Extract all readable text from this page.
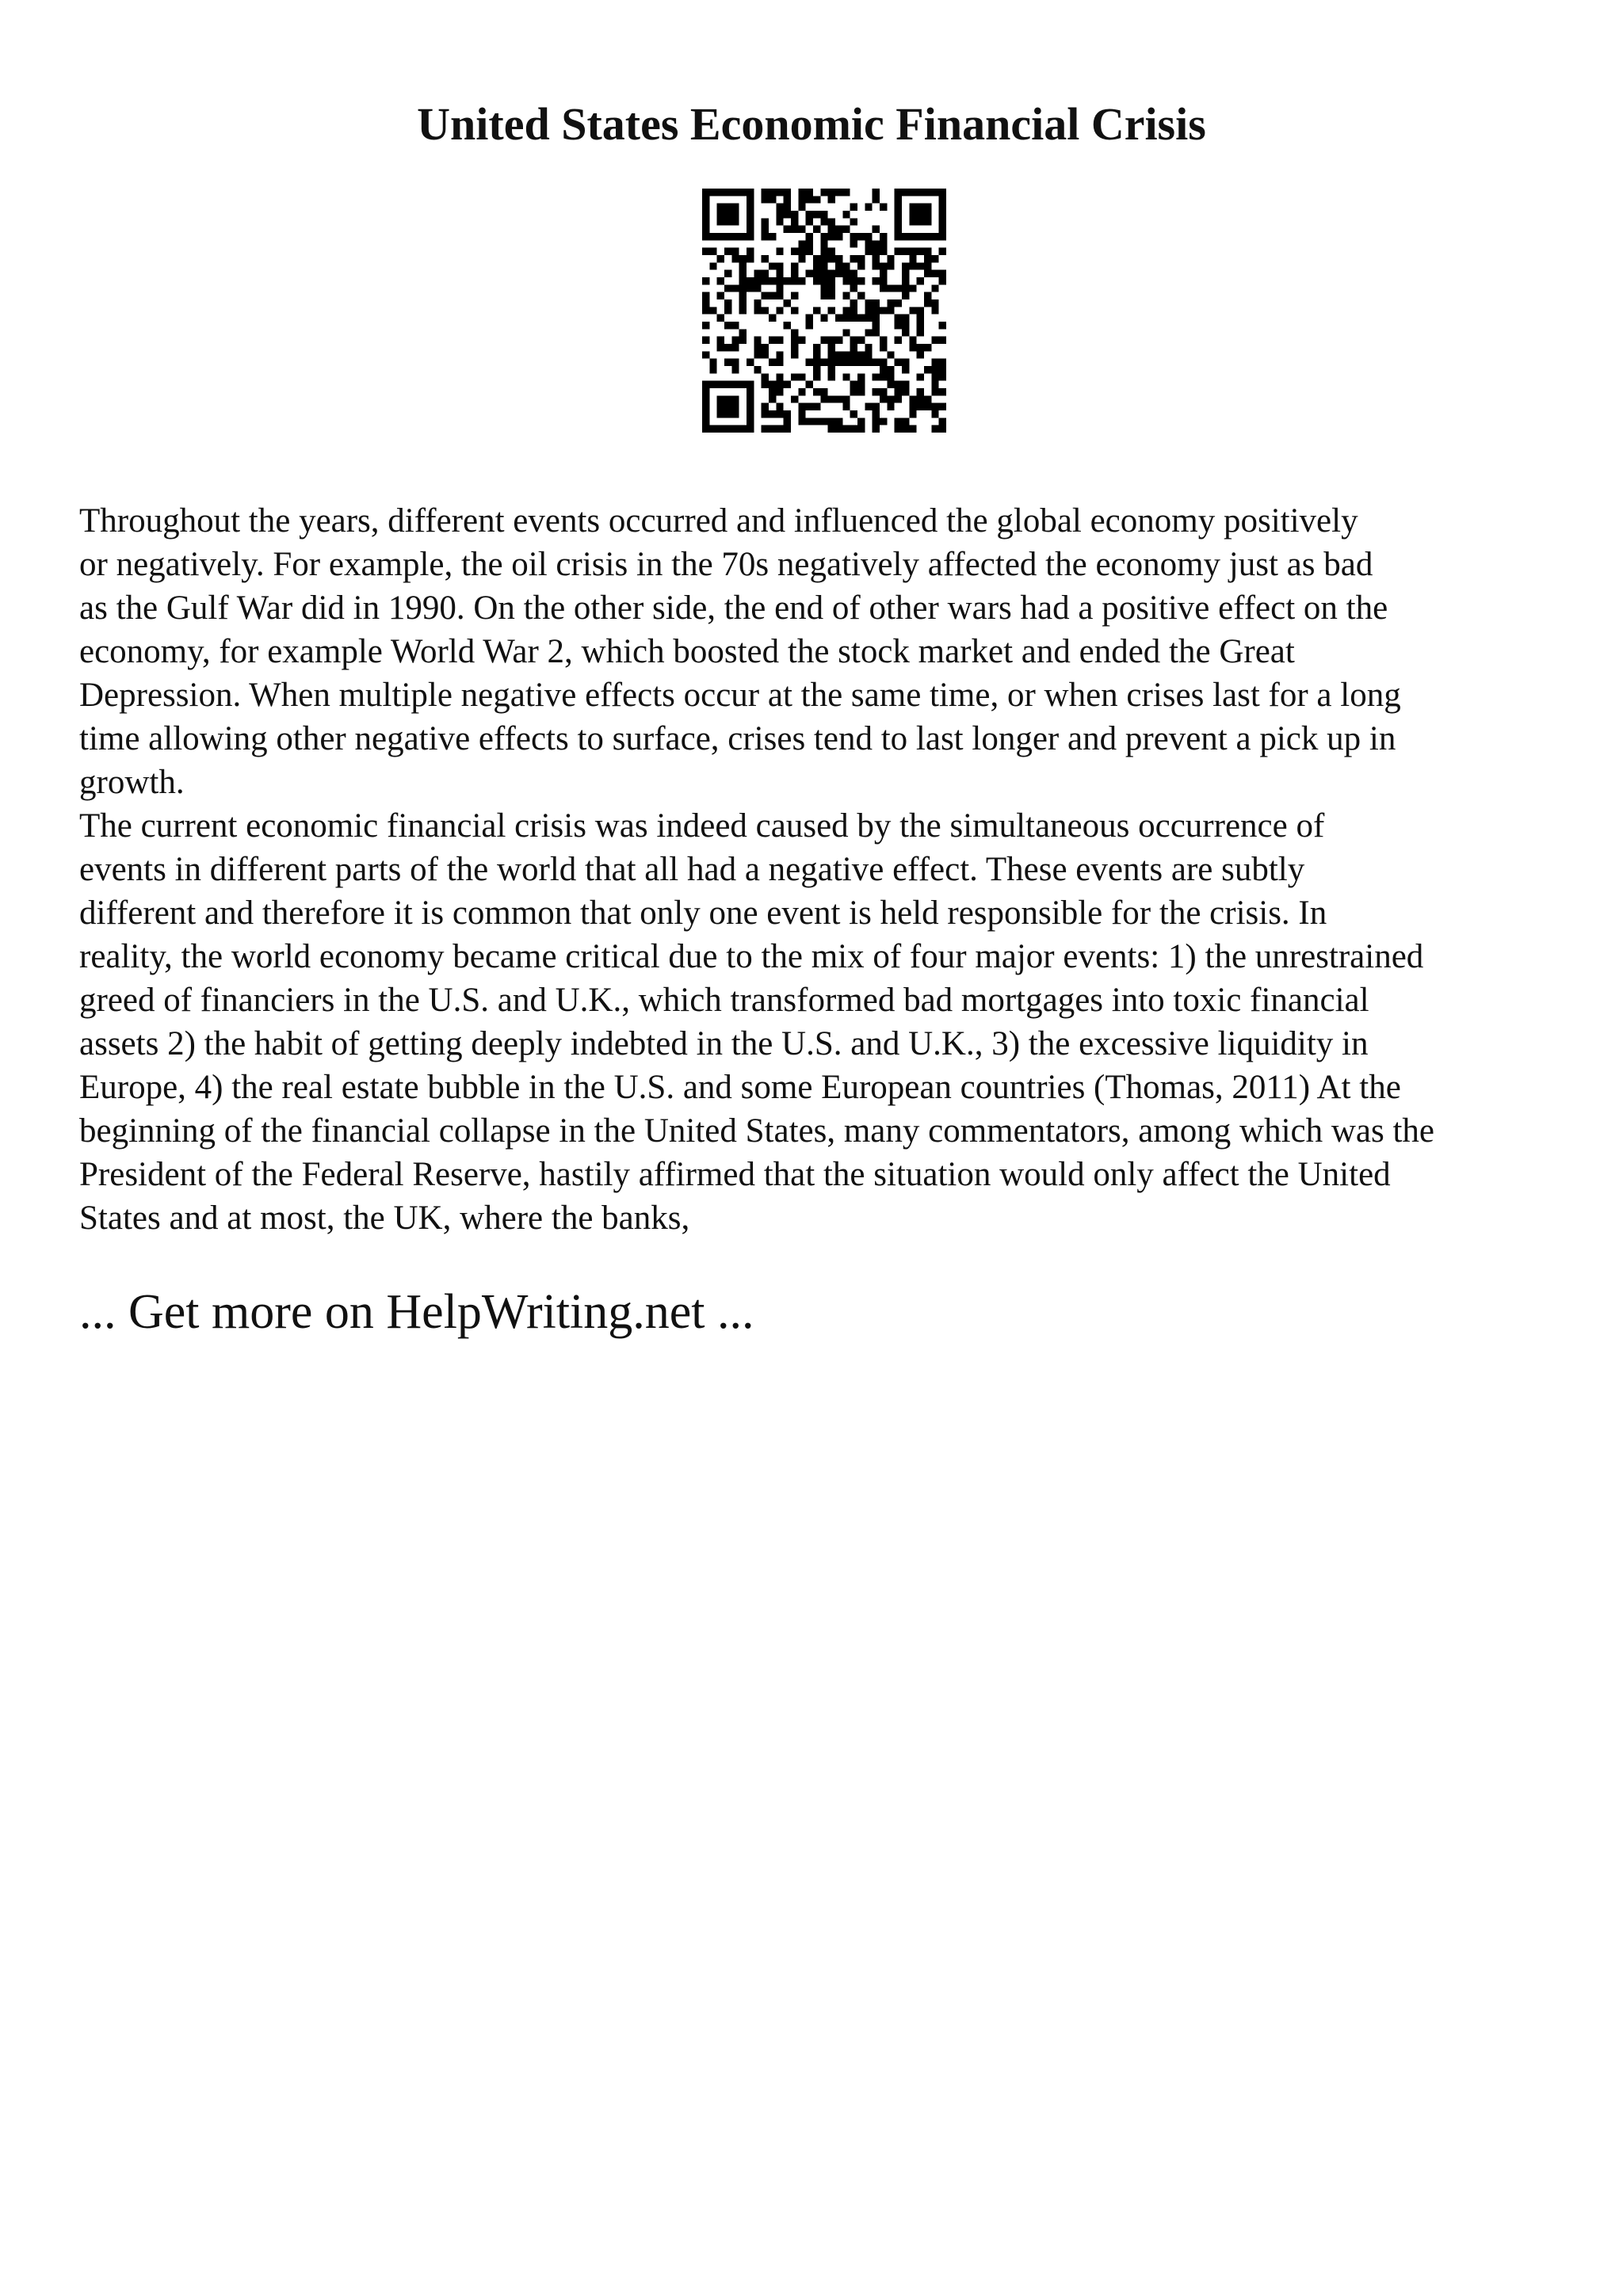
United States Economic Financial Crisis
Throughout the years, different events occurred and influenced the global economy positively
or negatively. For example, the oil crisis in the 70s negatively affected the economy just as bad
as the Gulf War did in 1990. On the other side, the end of other wars had a positive effect on the
economy, for example World War 2, which boosted the stock market and ended the Great
Depression. When multiple negative effects occur at the same time, or when crises last for a long
time allowing other negative effects to surface, crises tend to last longer and prevent a pick up in
growth.
The current economic financial crisis was indeed caused by the simultaneous occurrence of
events in different parts of the world that all had a negative effect. These events are subtly
different and therefore it is common that only one event is held responsible for the crisis. In
reality, the world economy became critical due to the mix of four major events: 1) the unrestrained
greed of financiers in the U.S. and U.K., which transformed bad mortgages into toxic financial
assets 2) the habit of getting deeply indebted in the U.S. and U.K., 3) the excessive liquidity in
Europe, 4) the real estate bubble in the U.S. and some European countries (Thomas, 2011) At the
beginning of the financial collapse in the United States, many commentators, among which was the
President of the Federal Reserve, hastily affirmed that the situation would only affect the United
States and at most, the UK, where the banks,
... Get more on HelpWriting.net ...
